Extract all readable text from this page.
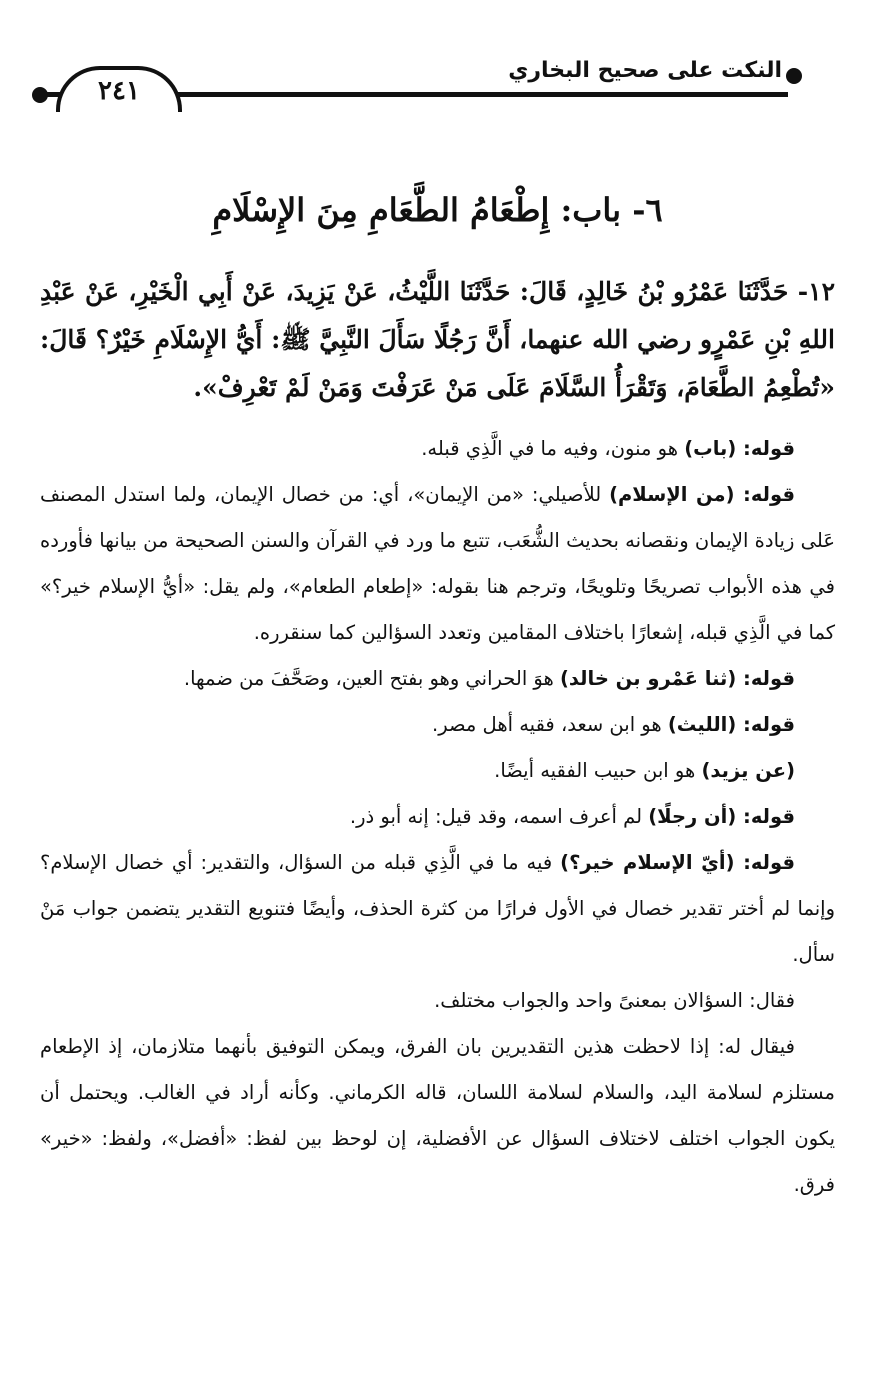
٢٤١
النكت على صحيح البخاري
٦- باب: إِطْعَامُ الطَّعَامِ مِنَ الإِسْلَامِ

١٢- حَدَّثَنَا عَمْرُو بْنُ خَالِدٍ، قَالَ: حَدَّثَنَا اللَّيْثُ، عَنْ يَزِيدَ، عَنْ أَبِي الْخَيْرِ، عَنْ عَبْدِ اللهِ بْنِ عَمْرٍو رضي الله عنهما، أَنَّ رَجُلًا سَأَلَ النَّبِيَّ ﷺ: أَيُّ الإِسْلَامِ خَيْرٌ؟ قَالَ: «تُطْعِمُ الطَّعَامَ، وَتَقْرَأُ السَّلَامَ عَلَى مَنْ عَرَفْتَ وَمَنْ لَمْ تَعْرِفْ».

قوله: (باب) هو منون، وفيه ما في الَّذِي قبله.

قوله: (من الإسلام) للأصيلي: «من الإيمان»، أي: من خصال الإيمان، ولما استدل المصنف عَلى زيادة الإيمان ونقصانه بحديث الشُّعَب، تتبع ما ورد في القرآن والسنن الصحيحة من بيانها فأورده في هذه الأبواب تصريحًا وتلويحًا، وترجم هنا بقوله: «إطعام الطعام»، ولم يقل: «أيُّ الإسلام خير؟» كما في الَّذِي قبله، إشعارًا باختلاف المقامين وتعدد السؤالين كما سنقرره.

قوله: (ثنا عَمْرو بن خالد) هوَ الحراني وهو بفتح العين، وصَحَّفَ من ضمها.

قوله: (الليث) هو ابن سعد، فقيه أهل مصر.

(عن يزيد) هو ابن حبيب الفقيه أيضًا.

قوله: (أن رجلًا) لم أعرف اسمه، وقد قيل: إنه أبو ذر.

قوله: (أيّ الإسلام خير؟) فيه ما في الَّذِي قبله من السؤال، والتقدير: أي خصال الإسلام؟ وإنما لم أختر تقدير خصال في الأول فرارًا من كثرة الحذف، وأيضًا فتنويع التقدير يتضمن جواب مَنْ سأل.

فقال: السؤالان بمعنىً واحد والجواب مختلف.

فيقال له: إذا لاحظت هذين التقديرين بان الفرق، ويمكن التوفيق بأنهما متلازمان، إذ الإطعام مستلزم لسلامة اليد، والسلام لسلامة اللسان، قاله الكرماني. وكأنه أراد في الغالب. ويحتمل أن يكون الجواب اختلف لاختلاف السؤال عن الأفضلية، إن لوحظ بين لفظ: «أفضل»، ولفظ: «خير» فرق.
